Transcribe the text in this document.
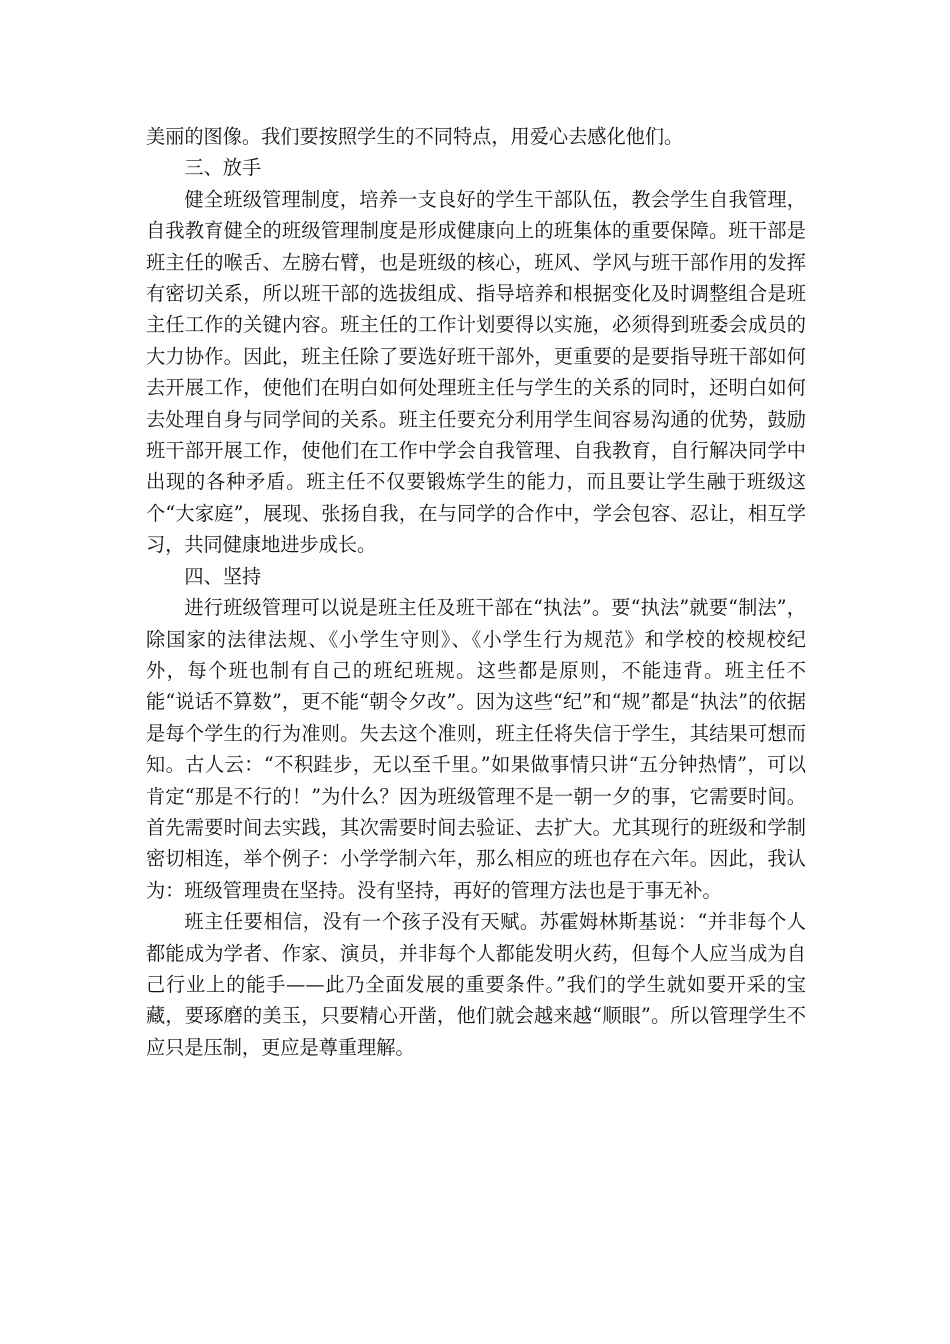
美丽的图像。我们要按照学生的不同特点，用爱心去感化他们。

三、放手

健全班级管理制度，培养一支良好的学生干部队伍，教会学生自我管理，自我教育健全的班级管理制度是形成健康向上的班集体的重要保障。班干部是班主任的喉舌、左膀右臂，也是班级的核心，班风、学风与班干部作用的发挥有密切关系，所以班干部的选拔组成、指导培养和根据变化及时调整组合是班主任工作的关键内容。班主任的工作计划要得以实施，必须得到班委会成员的大力协作。因此，班主任除了要选好班干部外，更重要的是要指导班干部如何去开展工作，使他们在明白如何处理班主任与学生的关系的同时，还明白如何去处理自身与同学间的关系。班主任要充分利用学生间容易沟通的优势，鼓励班干部开展工作，使他们在工作中学会自我管理、自我教育，自行解决同学中出现的各种矛盾。班主任不仅要锻炼学生的能力，而且要让学生融于班级这个“大家庭”，展现、张扬自我，在与同学的合作中，学会包容、忍让，相互学习，共同健康地进步成长。

四、坚持

进行班级管理可以说是班主任及班干部在“执法”。要“执法”就要“制法”，除国家的法律法规、《小学生守则》、《小学生行为规范》和学校的校规校纪外，每个班也制有自己的班纪班规。这些都是原则，不能违背。班主任不能“说话不算数”，更不能“朝令夕改”。因为这些“纪”和“规”都是“执法”的依据是每个学生的行为准则。失去这个准则，班主任将失信于学生，其结果可想而知。古人云：“不积跬步，无以至千里。”如果做事情只讲“五分钟热情”，可以肯定“那是不行的！”为什么？因为班级管理不是一朝一夕的事，它需要时间。首先需要时间去实践，其次需要时间去验证、去扩大。尤其现行的班级和学制密切相连，举个例子：小学学制六年，那么相应的班也存在六年。因此，我认为：班级管理贵在坚持。没有坚持，再好的管理方法也是于事无补。

班主任要相信，没有一个孩子没有天赋。苏霍姆林斯基说：“并非每个人都能成为学者、作家、演员，并非每个人都能发明火药，但每个人应当成为自己行业上的能手——此乃全面发展的重要条件。”我们的学生就如要开采的宝藏，要琢磨的美玉，只要精心开凿，他们就会越来越“顺眼”。所以管理学生不应只是压制，更应是尊重理解。
